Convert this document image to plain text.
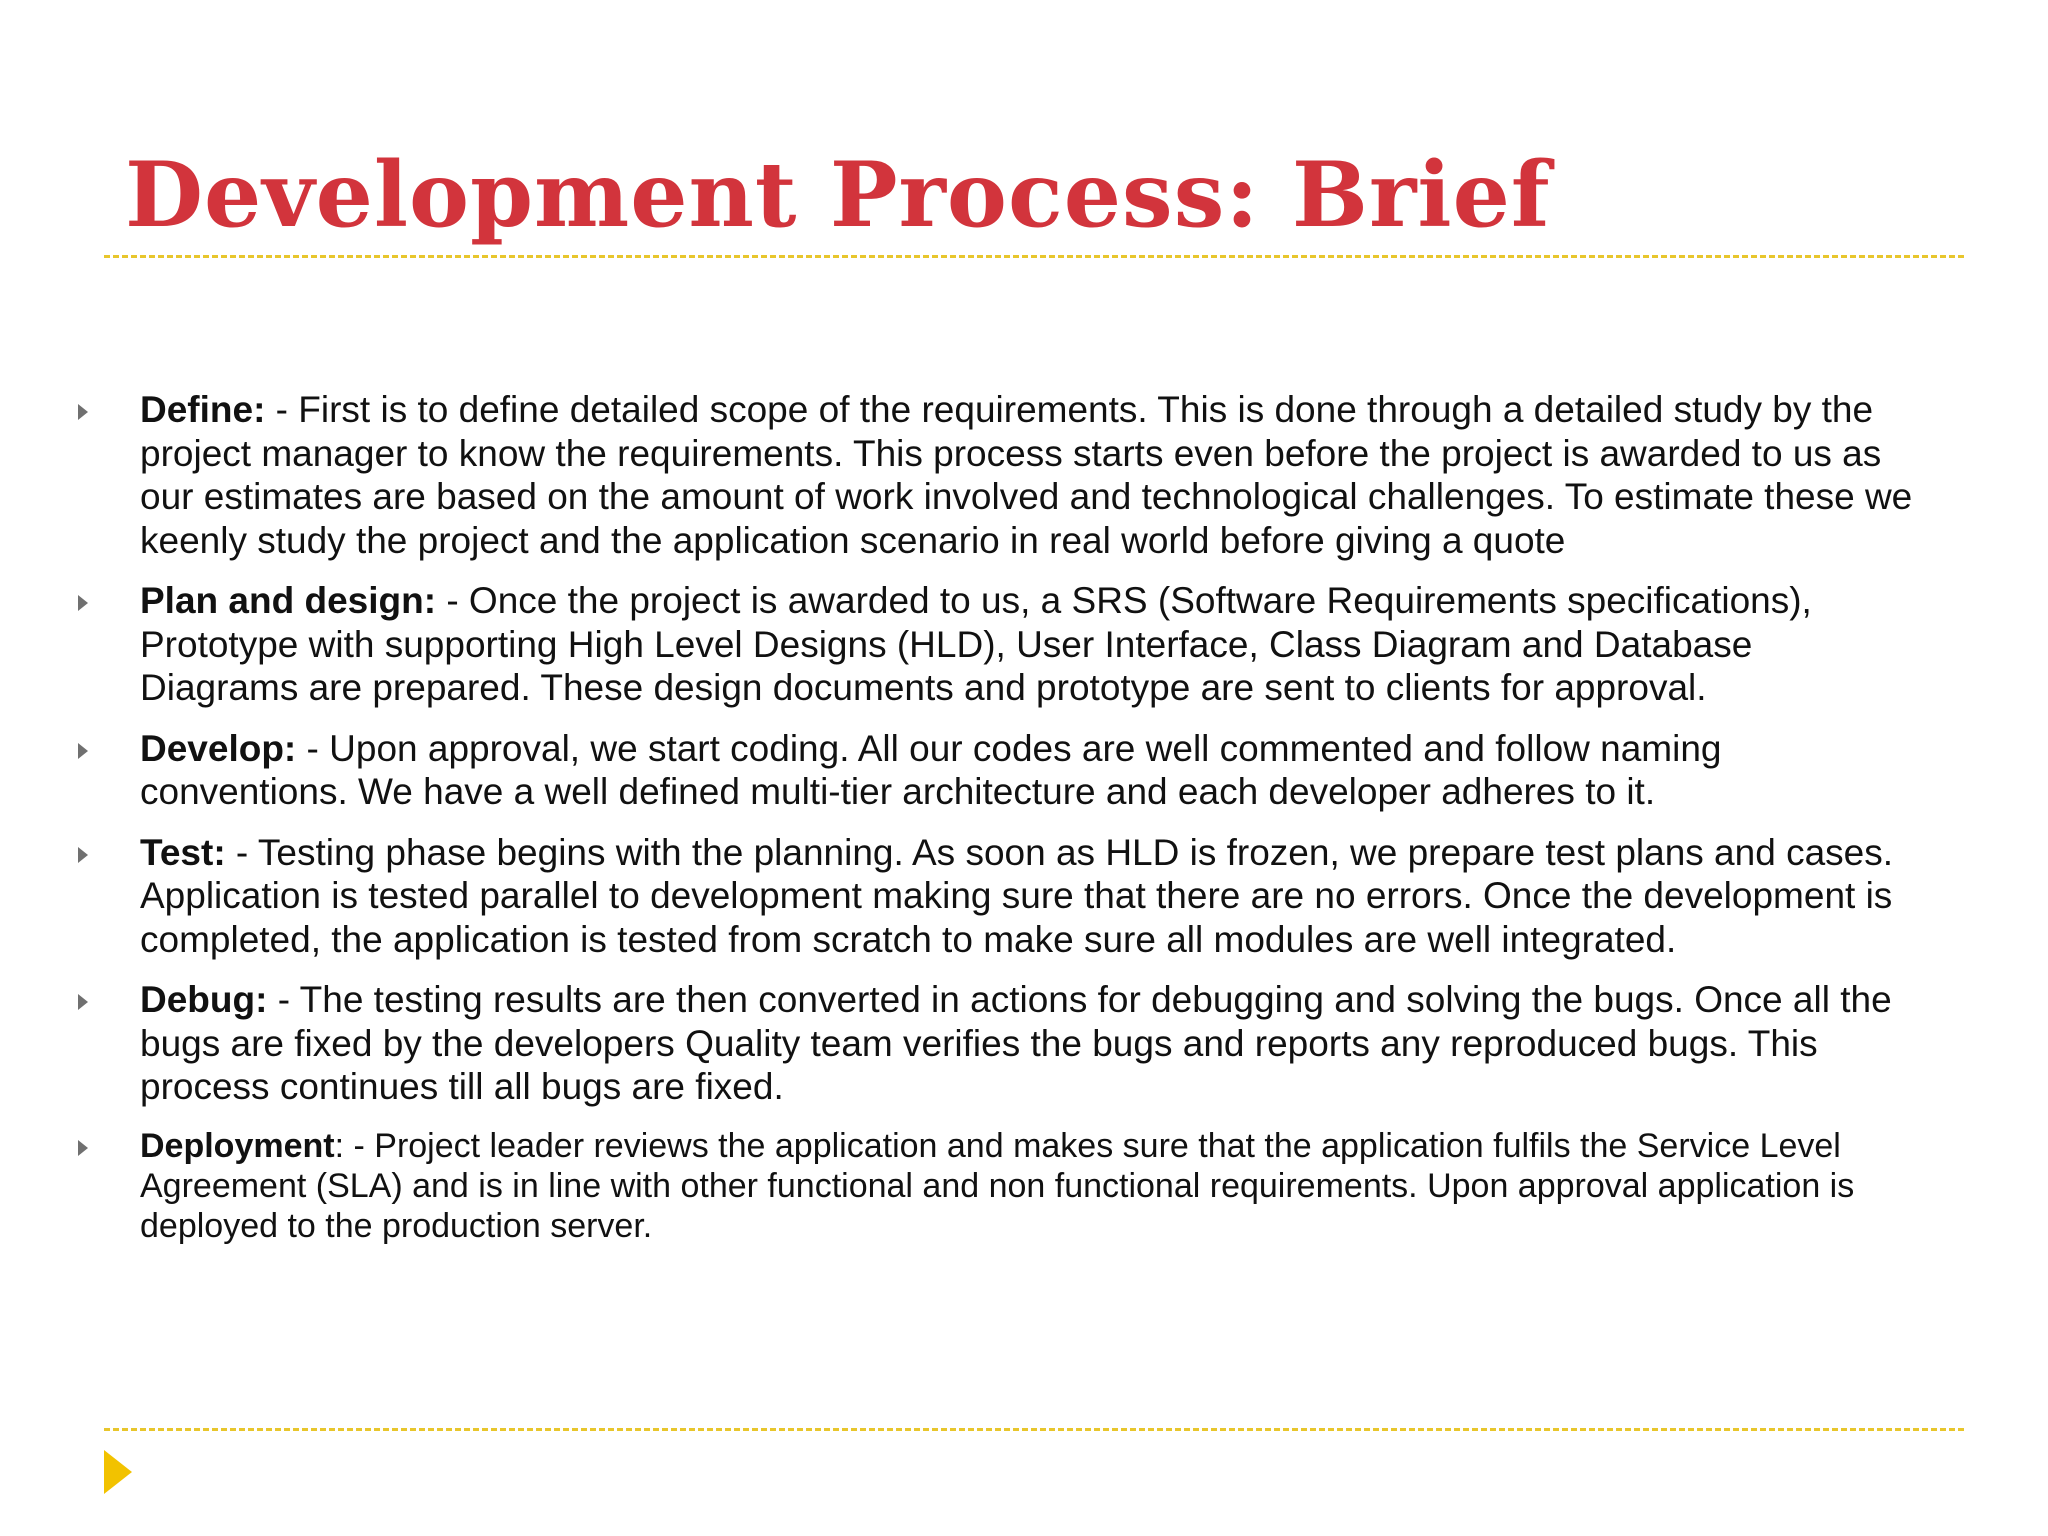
Development Process: Brief
Define: - First is to define detailed scope of the requirements. This is done through a detailed study by the project manager to know the requirements. This process starts even before the project is awarded to us as our estimates are based on the amount of work involved and technological challenges. To estimate these we keenly study the project and the application scenario in real world before giving a quote
Plan and design: - Once the project is awarded to us, a SRS (Software Requirements specifications), Prototype with supporting High Level Designs (HLD), User Interface, Class Diagram and Database Diagrams are prepared. These design documents and prototype are sent to clients for approval.
Develop: - Upon approval, we start coding. All our codes are well commented and follow naming conventions. We have a well defined multi-tier architecture and each developer adheres to it.
Test: - Testing phase begins with the planning. As soon as HLD is frozen, we prepare test plans and cases. Application is tested parallel to development making sure that there are no errors. Once the development is completed, the application is tested from scratch to make sure all modules are well integrated.
Debug: - The testing results are then converted in actions for debugging and solving the bugs. Once all the bugs are fixed by the developers Quality team verifies the bugs and reports any reproduced bugs. This process continues till all bugs are fixed.
Deployment: - Project leader reviews the application and makes sure that the application fulfils the Service Level Agreement (SLA) and is in line with other functional and non functional requirements. Upon approval application is deployed to the production server.
